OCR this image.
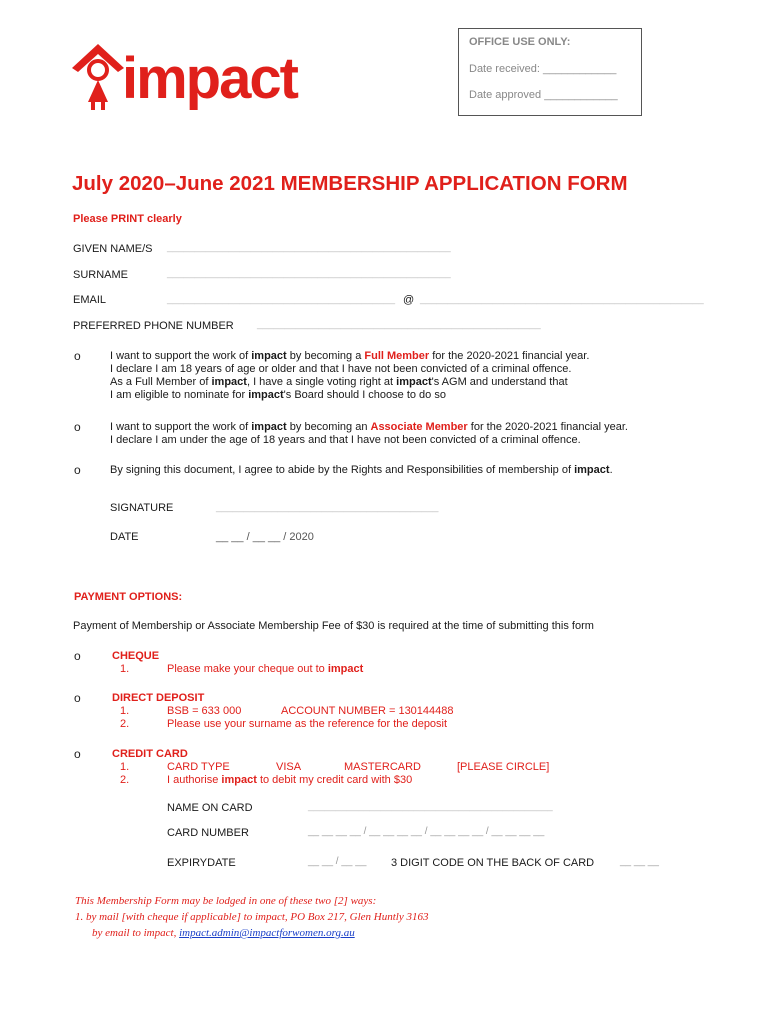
impact
OFFICE USE ONLY:
Date received: ____________
Date approved ____________
July 2020–June 2021 MEMBERSHIP APPLICATION FORM
Please PRINT clearly
GIVEN NAME/S ___________________________________________________
SURNAME	___________________________________________________
EMAIL	_________________________________________ @ ___________________________________________________
PREFERRED PHONE NUMBER ___________________________________________________
o	I want to support the work of impact by becoming a Full Member for the 2020-2021 financial year.
I declare I am 18 years of age or older and that I have not been convicted of a criminal offence.
As a Full Member of impact, I have a single voting right at impact's AGM and understand that
I am eligible to nominate for impact's Board should I choose to do so
o	I want to support the work of impact by becoming an Associate Member for the 2020-2021 financial year.
I declare I am under the age of 18 years and that I have not been convicted of a criminal offence.
o	By signing this document, I agree to abide by the Rights and Responsibilities of membership of impact.
SIGNATURE	________________________________________
DATE	__ __ / __ __ / 2020
PAYMENT OPTIONS:
Payment of Membership or Associate Membership Fee of $30 is required at the time of submitting this form
o	CHEQUE
1.	Please make your cheque out to impact
o	DIRECT DEPOSIT
1.	BSB = 633 000	ACCOUNT NUMBER = 130144488
2.	Please use your surname as the reference for the deposit
o	CREDIT CARD
1.	CARD TYPE	VISA	MASTERCARD	[PLEASE CIRCLE]
2.	I authorise impact to debit my credit card with $30
NAME ON CARD	____________________________________________
CARD NUMBER	__ __ __ __ / __ __ __ __ / __ __ __ __ / __ __ __ __
EXPIRYDATE	__ __ / __ __ 3 DIGIT CODE ON THE BACK OF CARD	__ __ __
This Membership Form may be lodged in one of these two [2] ways:
1. by mail [with cheque if applicable] to impact, PO Box 217, Glen Huntly 3163
by email to impact, impact.admin@impactforwomen.org.au
